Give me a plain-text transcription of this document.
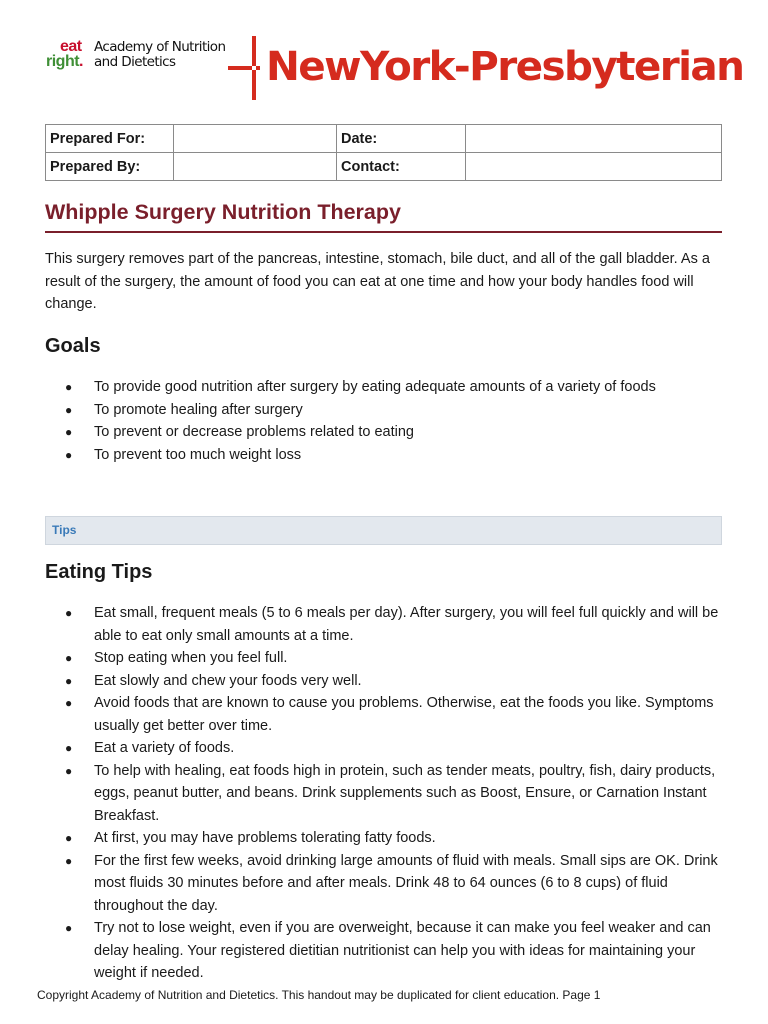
eat
right.
Academy of Nutrition
and Dietetics NewYork-Presbyterian
Prepared For:		Date:	
Prepared By:		Contact:	
Whipple Surgery Nutrition Therapy

This surgery removes part of the pancreas, intestine, stomach, bile duct, and all of the gall bladder. As a result of the surgery, the amount of food you can eat at one time and how your body handles food will change.

Goals
● To provide good nutrition after surgery by eating adequate amounts of a variety of foods
● To promote healing after surgery
● To prevent or decrease problems related to eating
● To prevent too much weight loss
Tips
Eating Tips
● Eat small, frequent meals (5 to 6 meals per day). After surgery, you will feel full quickly and will be able to eat only small amounts at a time.
● Stop eating when you feel full.
● Eat slowly and chew your foods very well.
● Avoid foods that are known to cause you problems. Otherwise, eat the foods you like. Symptoms usually get better over time.
● Eat a variety of foods.
● To help with healing, eat foods high in protein, such as tender meats, poultry, fish, dairy products, eggs, peanut butter, and beans. Drink supplements such as Boost, Ensure, or Carnation Instant Breakfast.
● At first, you may have problems tolerating fatty foods.
● For the first few weeks, avoid drinking large amounts of fluid with meals. Small sips are OK. Drink most fluids 30 minutes before and after meals. Drink 48 to 64 ounces (6 to 8 cups) of fluid throughout the day.
● Try not to lose weight, even if you are overweight, because it can make you feel weaker and can delay healing. Your registered dietitian nutritionist can help you with ideas for maintaining your weight if needed.
Copyright Academy of Nutrition and Dietetics. This handout may be duplicated for client education. Page 1
